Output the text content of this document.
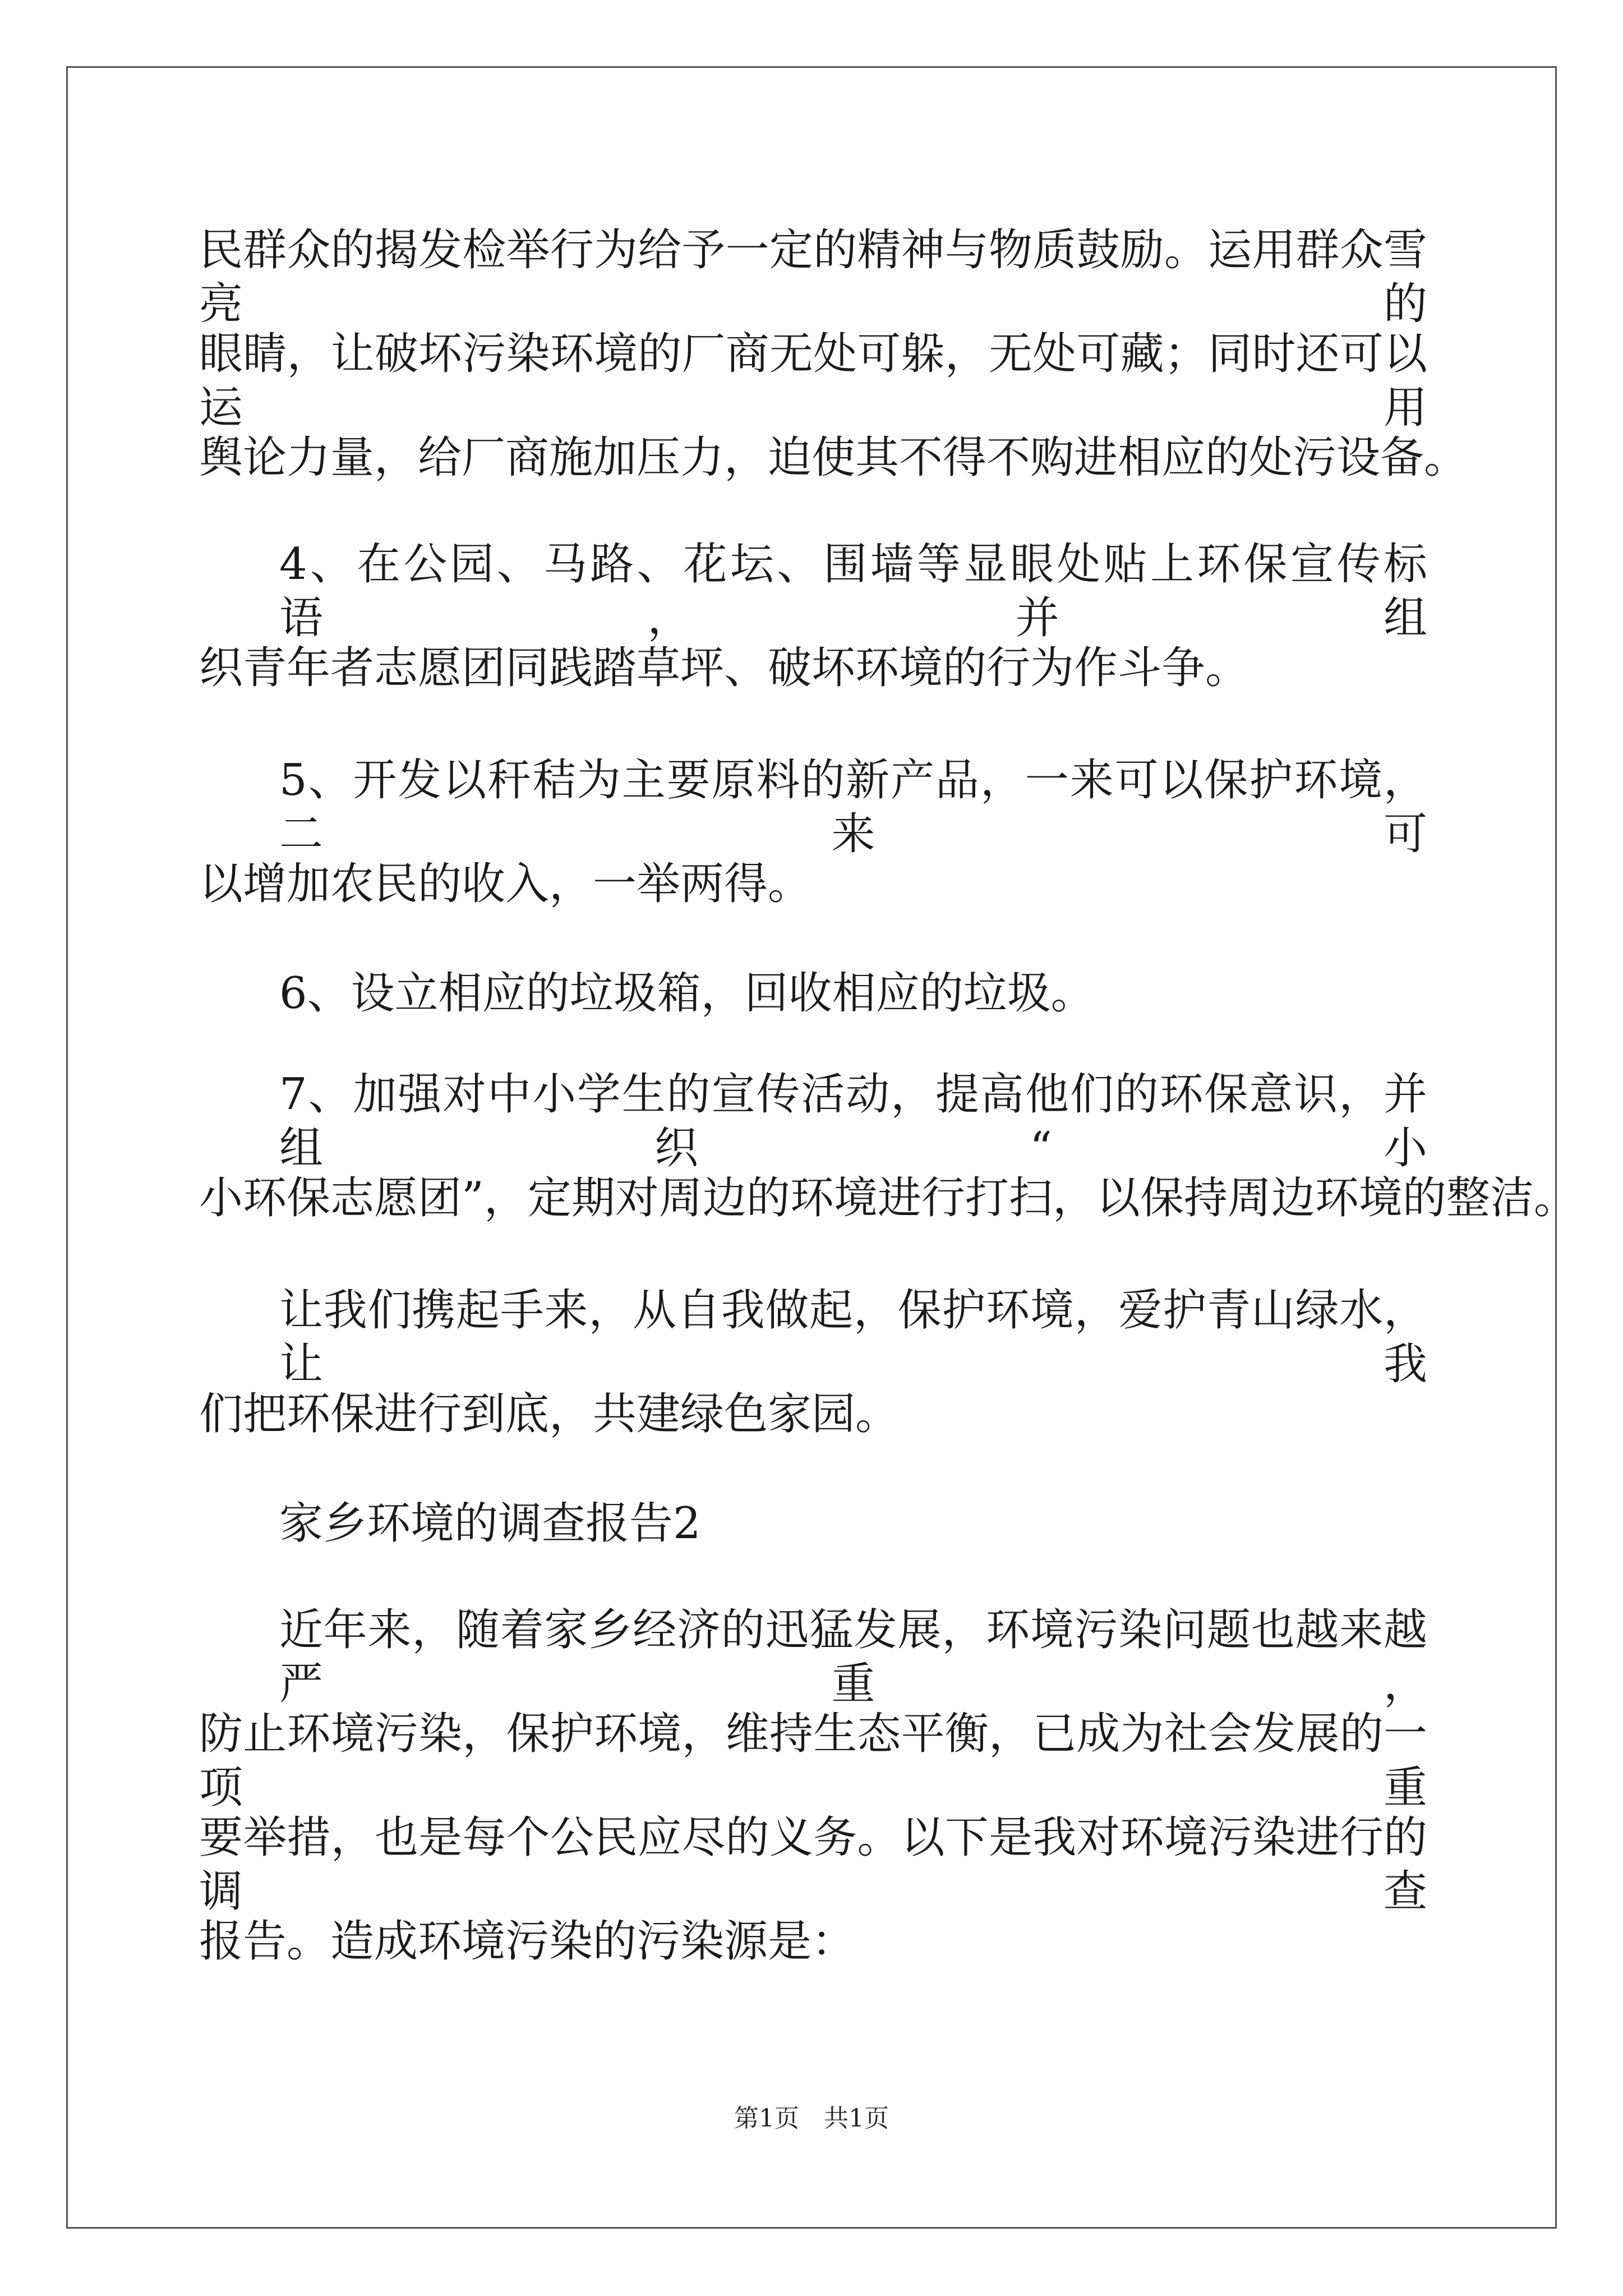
民群众的揭发检举行为给予一定的精神与物质鼓励。运用群众雪亮的

眼睛，让破坏污染环境的厂商无处可躲，无处可藏；同时还可以运用

舆论力量，给厂商施加压力，迫使其不得不购进相应的处污设备。

4、在公园、马路、花坛、围墙等显眼处贴上环保宣传标语，并组

织青年者志愿团同践踏草坪、破坏环境的行为作斗争。

5、开发以秆秸为主要原料的新产品，一来可以保护环境，二来可

以增加农民的收入，一举两得。

6、设立相应的垃圾箱，回收相应的垃圾。

7、加强对中小学生的宣传活动，提高他们的环保意识，并组织“小

小环保志愿团”，定期对周边的环境进行打扫，以保持周边环境的整洁。

让我们携起手来，从自我做起，保护环境，爱护青山绿水，让我

们把环保进行到底，共建绿色家园。

家乡环境的调查报告2

近年来，随着家乡经济的迅猛发展，环境污染问题也越来越严重，

防止环境污染，保护环境，维持生态平衡，已成为社会发展的一项重

要举措，也是每个公民应尽的义务。以下是我对环境污染进行的调查

报告。造成环境污染的污染源是：

第1页 共1页
